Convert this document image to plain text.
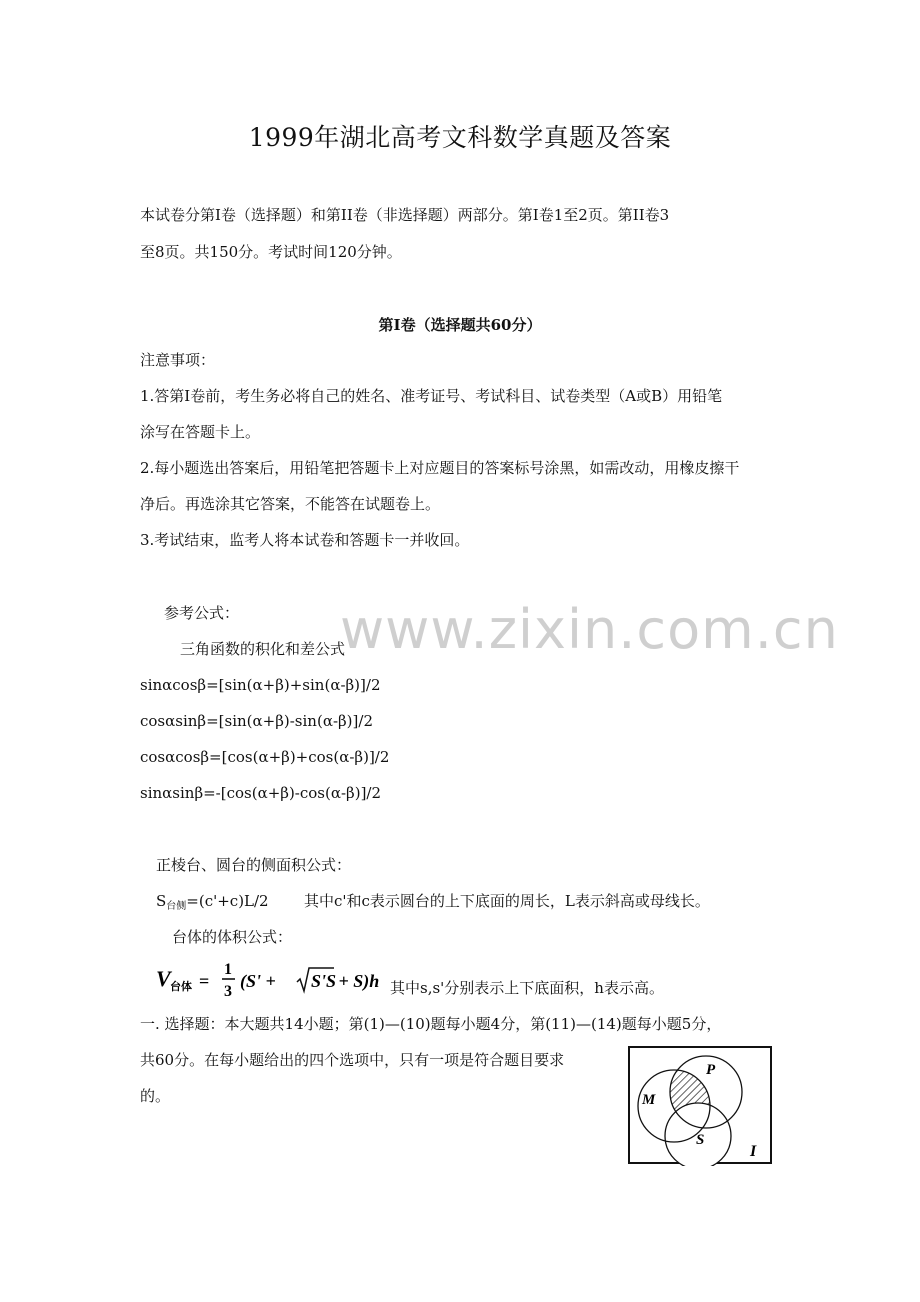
www.zixin.com.cn
1999年湖北高考文科数学真题及答案
本试卷分第Ⅰ卷（选择题）和第II卷（非选择题）两部分。第Ⅰ卷1至2页。第II卷3
至8页。共150分。考试时间120分钟。
第Ⅰ卷（选择题共60分）
注意事项：
1.答第Ⅰ卷前，考生务必将自己的姓名、准考证号、考试科目、试卷类型（A或B）用铅笔
涂写在答题卡上。
2.每小题选出答案后，用铅笔把答题卡上对应题目的答案标号涂黑，如需改动，用橡皮擦干
净后。再选涂其它答案，不能答在试题卷上。
3.考试结束，监考人将本试卷和答题卡一并收回。
参考公式：
三角函数的积化和差公式
sinαcosβ=[sin(α+β)+sin(α-β)]/2
cosαsinβ=[sin(α+β)-sin(α-β)]/2
cosαcosβ=[cos(α+β)+cos(α-β)]/2
sinαsinβ=-[cos(α+β)-cos(α-β)]/2
正棱台、圆台的侧面积公式：
$S_{台侧}=(c'+c)L/2$ 其中c'和c表示圆台的上下底面的周长，L表示斜高或母线长。
台体的体积公式：
V 台体 =
1
3
(S' + S'S
+ S)h 其中s,s'分别表示上下底面积，h表示高。
一. 选择题：本大题共14小题；第(1)—(10)题每小题4分，第(11)—(14)题每小题5分，
共60分。在每小题给出的四个选项中，只有一项是符合题目要求
的。	M
P
S
I
